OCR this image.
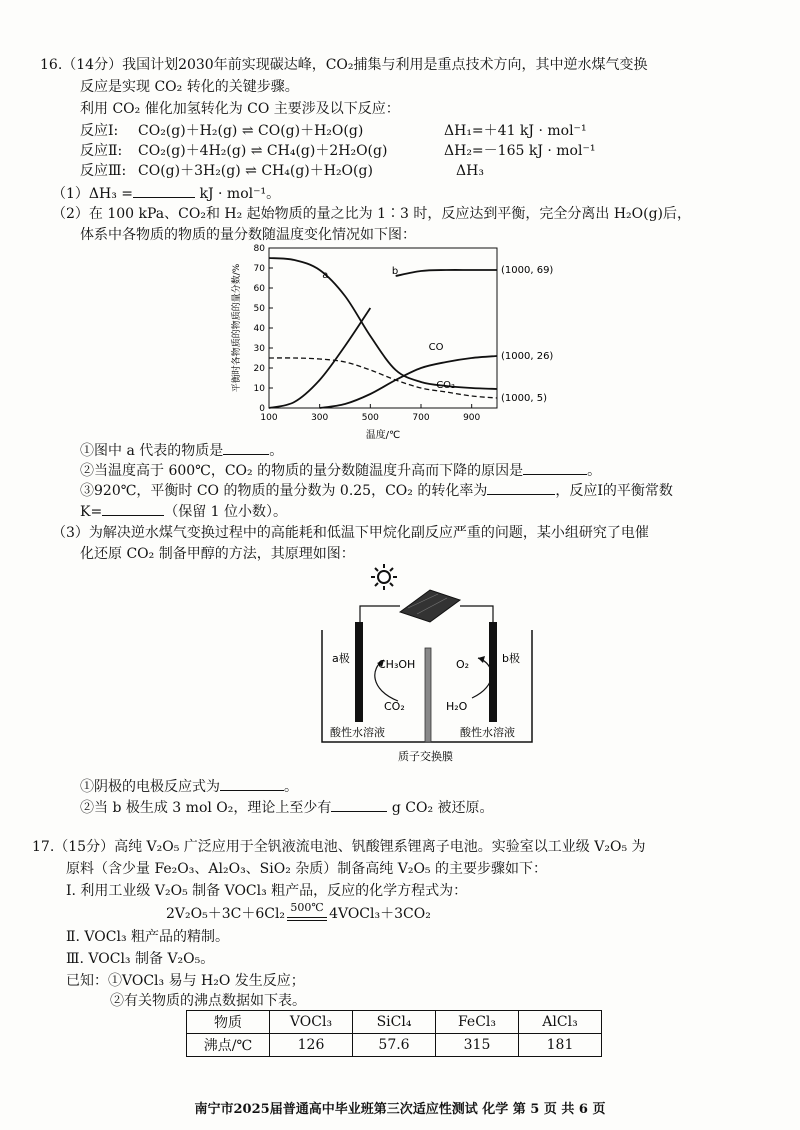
16.（14分）我国计划2030年前实现碳达峰，CO₂捕集与利用是重点技术方向，其中逆水煤气变换
反应是实现 CO₂ 转化的关键步骤。
利用 CO₂ 催化加氢转化为 CO 主要涉及以下反应：
反应Ⅰ: CO₂(g)＋H₂(g) ⇌ CO(g)＋H₂O(g)	ΔH₁=＋41 kJ · mol⁻¹
反应Ⅱ: CO₂(g)＋4H₂(g) ⇌ CH₄(g)＋2H₂O(g)	ΔH₂=－165 kJ · mol⁻¹
反应Ⅲ: CO(g)＋3H₂(g) ⇌ CH₄(g)＋H₂O(g)	ΔH₃
（1）ΔH₃ =	kJ · mol⁻¹。
（2）在 100 kPa、CO₂和 H₂ 起始物质的量之比为 1∶3 时，反应达到平衡，完全分离出 H₂O(g)后，
体系中各物质的物质的量分数随温度变化情况如下图：
0
10
20
30
40
50
60
70
80
100	300	500	700	900
温度/℃
平衡时各物质的物质的量分数/%	a	b
CO
CO₂
(1000, 69)
(1000, 26)
(1000, 5)
①图中 a 代表的物质是	。
②当温度高于 600℃，CO₂ 的物质的量分数随温度升高而下降的原因是	。
③920℃，平衡时 CO 的物质的量分数为 0.25，CO₂ 的转化率为	，反应Ⅰ的平衡常数
K=	（保留 1 位小数）。
（3）为解决逆水煤气变换过程中的高能耗和低温下甲烷化副反应严重的问题，某小组研究了电催
化还原 CO₂ 制备甲醇的方法，其原理如图：
a极	b极
CH₃OH
CO₂
O₂
H₂O
酸性水溶液	酸性水溶液
质子交换膜
①阴极的电极反应式为	。
②当 b 极生成 3 mol O₂，理论上至少有	g CO₂ 被还原。
17.（15分）高纯 V₂O₅ 广泛应用于全钒液流电池、钒酸锂系锂离子电池。实验室以工业级 V₂O₅ 为
原料（含少量 Fe₂O₃、Al₂O₃、SiO₂ 杂质）制备高纯 V₂O₅ 的主要步骤如下：
Ⅰ. 利用工业级 V₂O₅ 制备 VOCl₃ 粗产品，反应的化学方程式为：
2V₂O₅＋3C＋6Cl₂ $^{500℃}$ 4VOCl₃＋3CO₂
Ⅱ. VOCl₃ 粗产品的精制。
Ⅲ. VOCl₃ 制备 V₂O₅。
已知：①VOCl₃ 易与 H₂O 发生反应；
②有关物质的沸点数据如下表。
物质	VOCl₃	SiCl₄	FeCl₃	AlCl₃
沸点/℃	126	57.6	315	181
南宁市2025届普通高中毕业班第三次适应性测试 化学 第 5 页 共 6 页
